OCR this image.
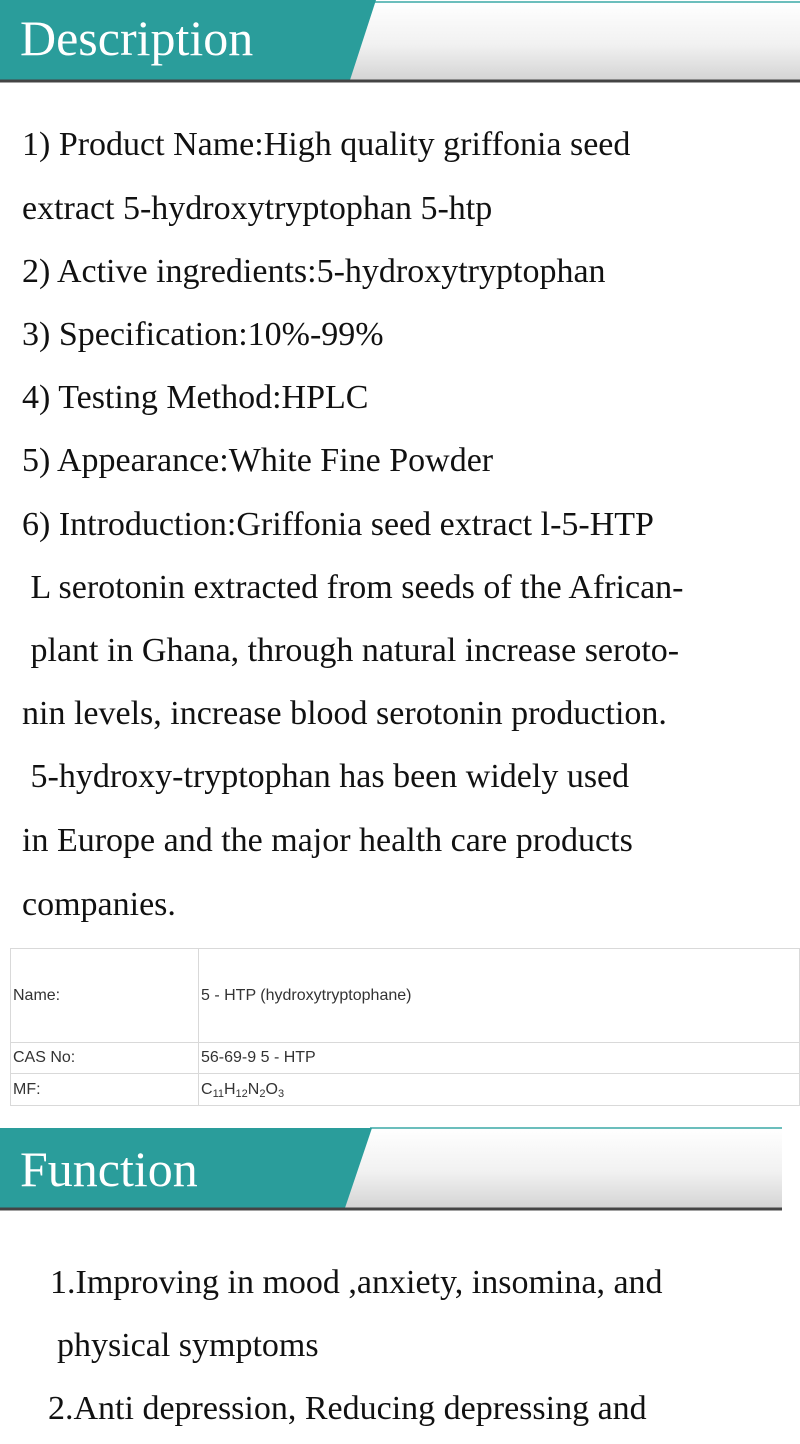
Description

1) Product Name:High quality griffonia seed

extract 5-hydroxytryptophan 5-htp

2) Active ingredients:5-hydroxytryptophan

3) Specification:10%-99%

4) Testing Method:HPLC

5) Appearance:White Fine Powder

6) Introduction:Griffonia seed extract l-5-HTP

L serotonin extracted from seeds of the African-

plant in Ghana, through natural increase seroto-

nin levels, increase blood serotonin production.

5-hydroxy-tryptophan has been widely used

in Europe and the major health care products

companies.

Name:	5 - HTP (hydroxytryptophane)
CAS No:	56-69-9 5 - HTP
MF:	$C_{11}H_{12}N_2O_3$
Function

1.Improving in mood ,anxiety, insomina, and

physical symptoms

2.Anti depression, Reducing depressing and
